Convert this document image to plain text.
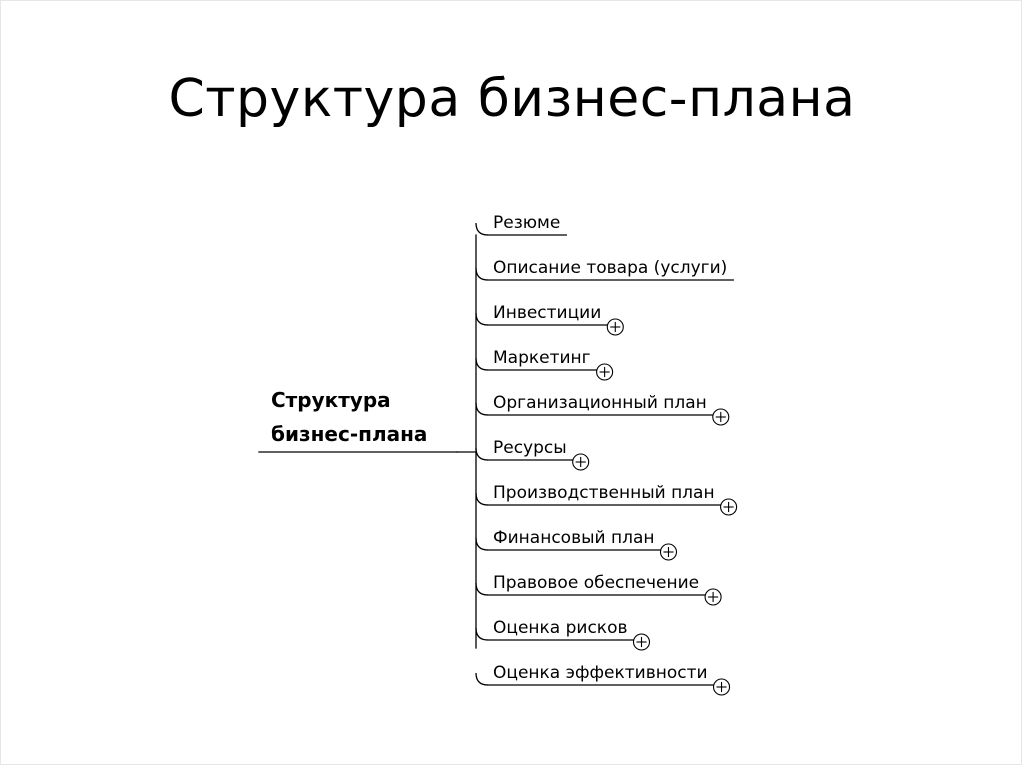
Структура бизнес-плана
Структура
бизнес-плана
Резюме
Описание товара (услуги)
Инвестиции
Маркетинг
Организационный план
Ресурсы
Производственный план
Финансовый план
Правовое обеспечение
Оценка рисков
Оценка эффективности
